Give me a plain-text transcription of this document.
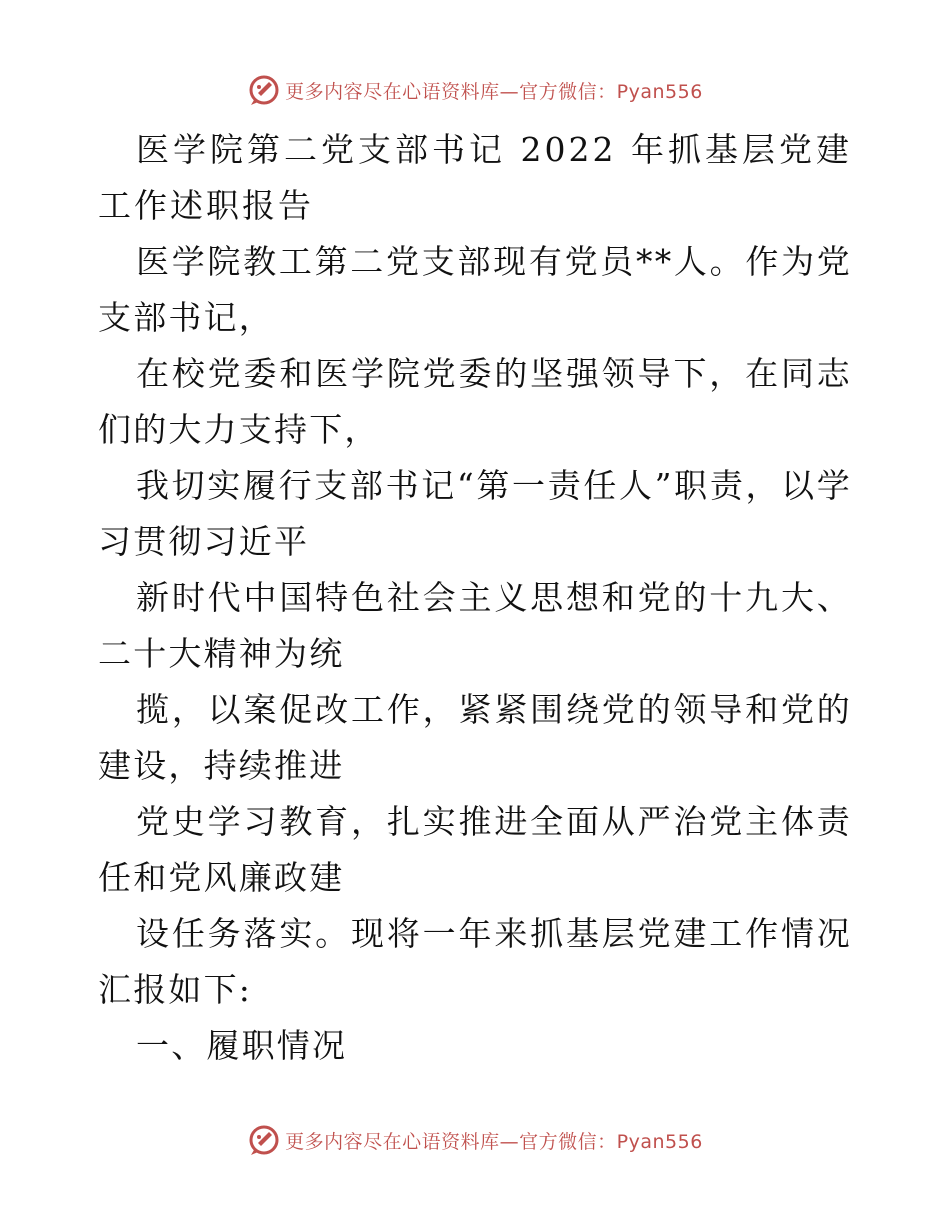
更多内容尽在心语资料库—官方微信：Pyan556

医学院第二党支部书记 2022 年抓基层党建工作述职报告

医学院教工第二党支部现有党员**人。作为党支部书记，

在校党委和医学院党委的坚强领导下，在同志们的大力支持下，

我切实履行支部书记“第一责任人”职责，以学习贯彻习近平

新时代中国特色社会主义思想和党的十九大、二十大精神为统

揽，以案促改工作，紧紧围绕党的领导和党的建设，持续推进

党史学习教育，扎实推进全面从严治党主体责任和党风廉政建

设任务落实。现将一年来抓基层党建工作情况汇报如下:

一、履职情况

更多内容尽在心语资料库—官方微信：Pyan556
